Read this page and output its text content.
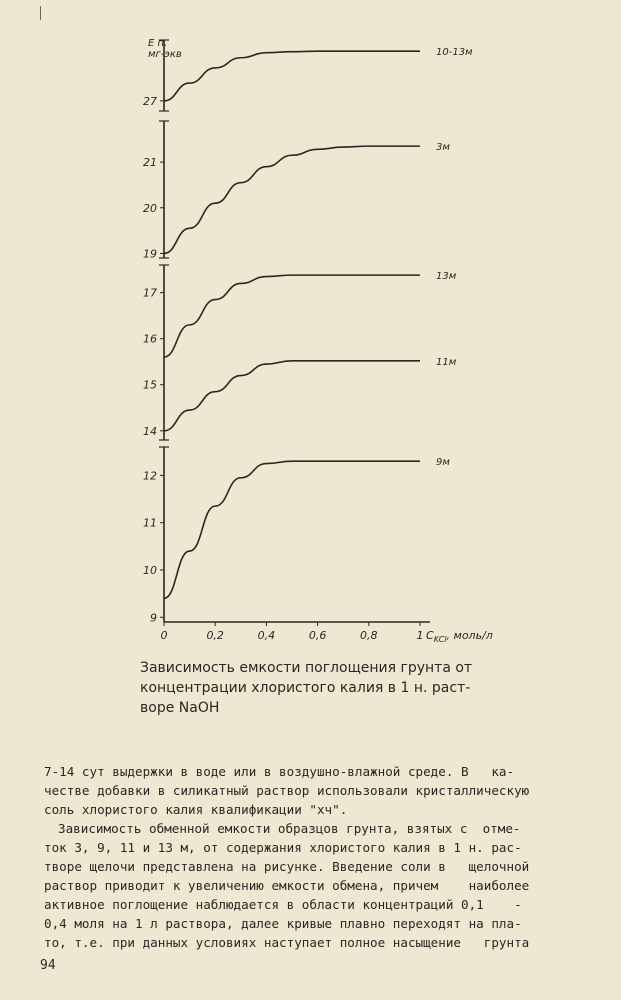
Е п.
мг-экв
27
10-13м
19
20
21
3м
14
15
16
17
13м
11м
9
10
11
12
9м
0	0,2	0,4	0,6	0,8	1 $C_{KCl}$, моль/л
Зависимость емкости поглощения грунта от
концентрации хлористого калия в 1 н. раст-
воре NaOH
7-14 сут выдержки в воде или в воздушно-влажной среде. В   ка-
честве добавки в силикатный раствор использовали кристаллическую
соль хлористого калия квалификации "хч".
Зависимость обменной емкости образцов грунта, взятых с  отме-
ток 3, 9, 11 и 13 м, от содержания хлористого калия в 1 н. рас-
творе щелочи представлена на рисунке. Введение соли в   щелочной
раствор приводит к увеличению емкости обмена, причем    наиболее
активное поглощение наблюдается в области концентраций 0,1    -
0,4 моля на 1 л раствора, далее кривые плавно переходят на пла-
то, т.е. при данных условиях наступает полное насыщение   грунта
94
